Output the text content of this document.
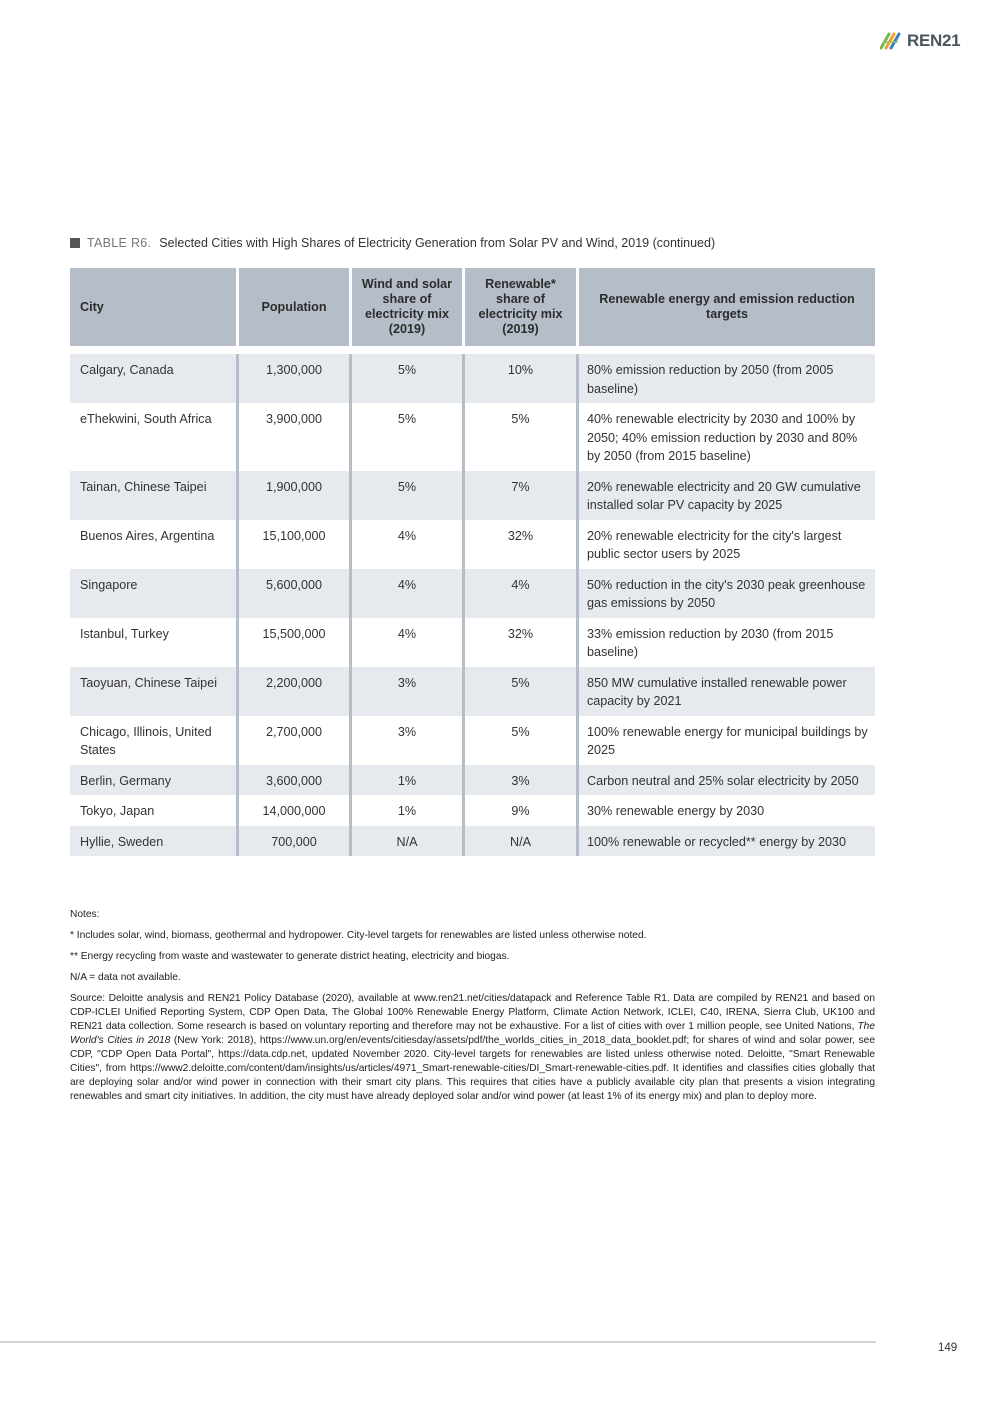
REN21
TABLE R6. Selected Cities with High Shares of Electricity Generation from Solar PV and Wind, 2019 (continued)
City	Population	Wind and solar share of electricity mix (2019)	Renewable* share of electricity mix (2019)	Renewable energy and emission reduction targets

Calgary, Canada	1,300,000	5%	10%	80% emission reduction by 2050 (from 2005 baseline)
eThekwini, South Africa	3,900,000	5%	5%	40% renewable electricity by 2030 and 100% by 2050; 40% emission reduction by 2030 and 80% by 2050 (from 2015 baseline)
Tainan, Chinese Taipei	1,900,000	5%	7%	20% renewable electricity and 20 GW cumulative installed solar PV capacity by 2025
Buenos Aires, Argentina	15,100,000	4%	32%	20% renewable electricity for the city's largest public sector users by 2025
Singapore	5,600,000	4%	4%	50% reduction in the city's 2030 peak greenhouse gas emissions by 2050
Istanbul, Turkey	15,500,000	4%	32%	33% emission reduction by 2030 (from 2015 baseline)
Taoyuan, Chinese Taipei	2,200,000	3%	5%	850 MW cumulative installed renewable power capacity by 2021
Chicago, Illinois, United States	2,700,000	3%	5%	100% renewable energy for municipal buildings by 2025
Berlin, Germany	3,600,000	1%	3%	Carbon neutral and 25% solar electricity by 2050
Tokyo, Japan	14,000,000	1%	9%	30% renewable energy by 2030
Hyllie, Sweden	700,000	N/A	N/A	100% renewable or recycled** energy by 2030

Notes:

* Includes solar, wind, biomass, geothermal and hydropower. City-level targets for renewables are listed unless otherwise noted.

** Energy recycling from waste and wastewater to generate district heating, electricity and biogas.

N/A = data not available.

Source: Deloitte analysis and REN21 Policy Database (2020), available at www.ren21.net/cities/datapack and Reference Table R1. Data are compiled by REN21 and based on CDP-ICLEI Unified Reporting System, CDP Open Data, The Global 100% Renewable Energy Platform, Climate Action Network, ICLEI, C40, IRENA, Sierra Club, UK100 and REN21 data collection. Some research is based on voluntary reporting and therefore may not be exhaustive. For a list of cities with over 1 million people, see United Nations, The World's Cities in 2018 (New York: 2018), https://www.un.org/en/events/citiesday/assets/pdf/the_worlds_cities_in_2018_data_booklet.pdf; for shares of wind and solar power, see CDP, "CDP Open Data Portal", https://data.cdp.net, updated November 2020. City-level targets for renewables are listed unless otherwise noted. Deloitte, "Smart Renewable Cities", from https://www2.deloitte.com/content/dam/insights/us/articles/4971_Smart-renewable-cities/DI_Smart-renewable-cities.pdf. It identifies and classifies cities globally that are deploying solar and/or wind power in connection with their smart city plans. This requires that cities have a publicly available city plan that presents a vision integrating renewables and smart city initiatives. In addition, the city must have already deployed solar and/or wind power (at least 1% of its energy mix) and plan to deploy more.

149
